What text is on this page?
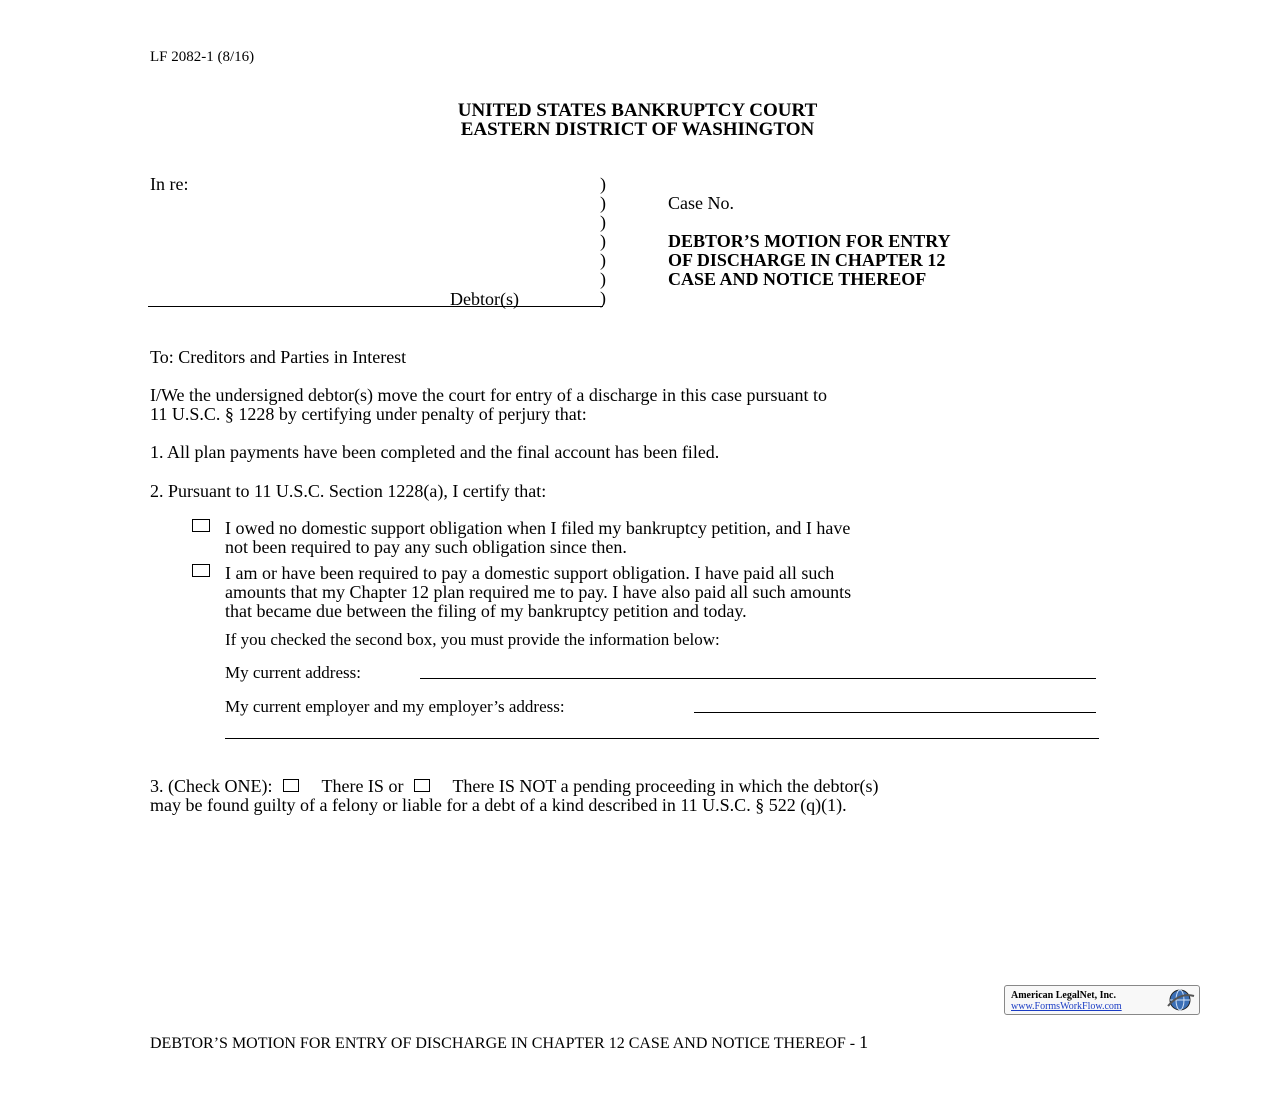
LF 2082-1 (8/16)
UNITED STATES BANKRUPTCY COURT
EASTERN DISTRICT OF WASHINGTON
In re:
Debtor(s)
)
)
)
)
)
)
)
Case No.
DEBTOR’S MOTION FOR ENTRY
OF DISCHARGE IN CHAPTER 12
CASE AND NOTICE THEREOF
To: Creditors and Parties in Interest
I/We the undersigned debtor(s) move the court for entry of a discharge in this case pursuant to
11 U.S.C. § 1228 by certifying under penalty of perjury that:
1. All plan payments have been completed and the final account has been filed.
2. Pursuant to 11 U.S.C. Section 1228(a), I certify that:
I owed no domestic support obligation when I filed my bankruptcy petition, and I have
not been required to pay any such obligation since then.
I am or have been required to pay a domestic support obligation. I have paid all such
amounts that my Chapter 12 plan required me to pay. I have also paid all such amounts
that became due between the filing of my bankruptcy petition and today.
If you checked the second box, you must provide the information below:
My current address:
My current employer and my employer’s address:
3. (Check ONE):	There IS or	There IS NOT a pending proceeding in which the debtor(s)
may be found guilty of a felony or liable for a debt of a kind described in 11 U.S.C. § 522 (q)(1).
American LegalNet, Inc.
www.FormsWorkFlow.com
DEBTOR’S MOTION FOR ENTRY OF DISCHARGE IN CHAPTER 12 CASE AND NOTICE THEREOF - 1
